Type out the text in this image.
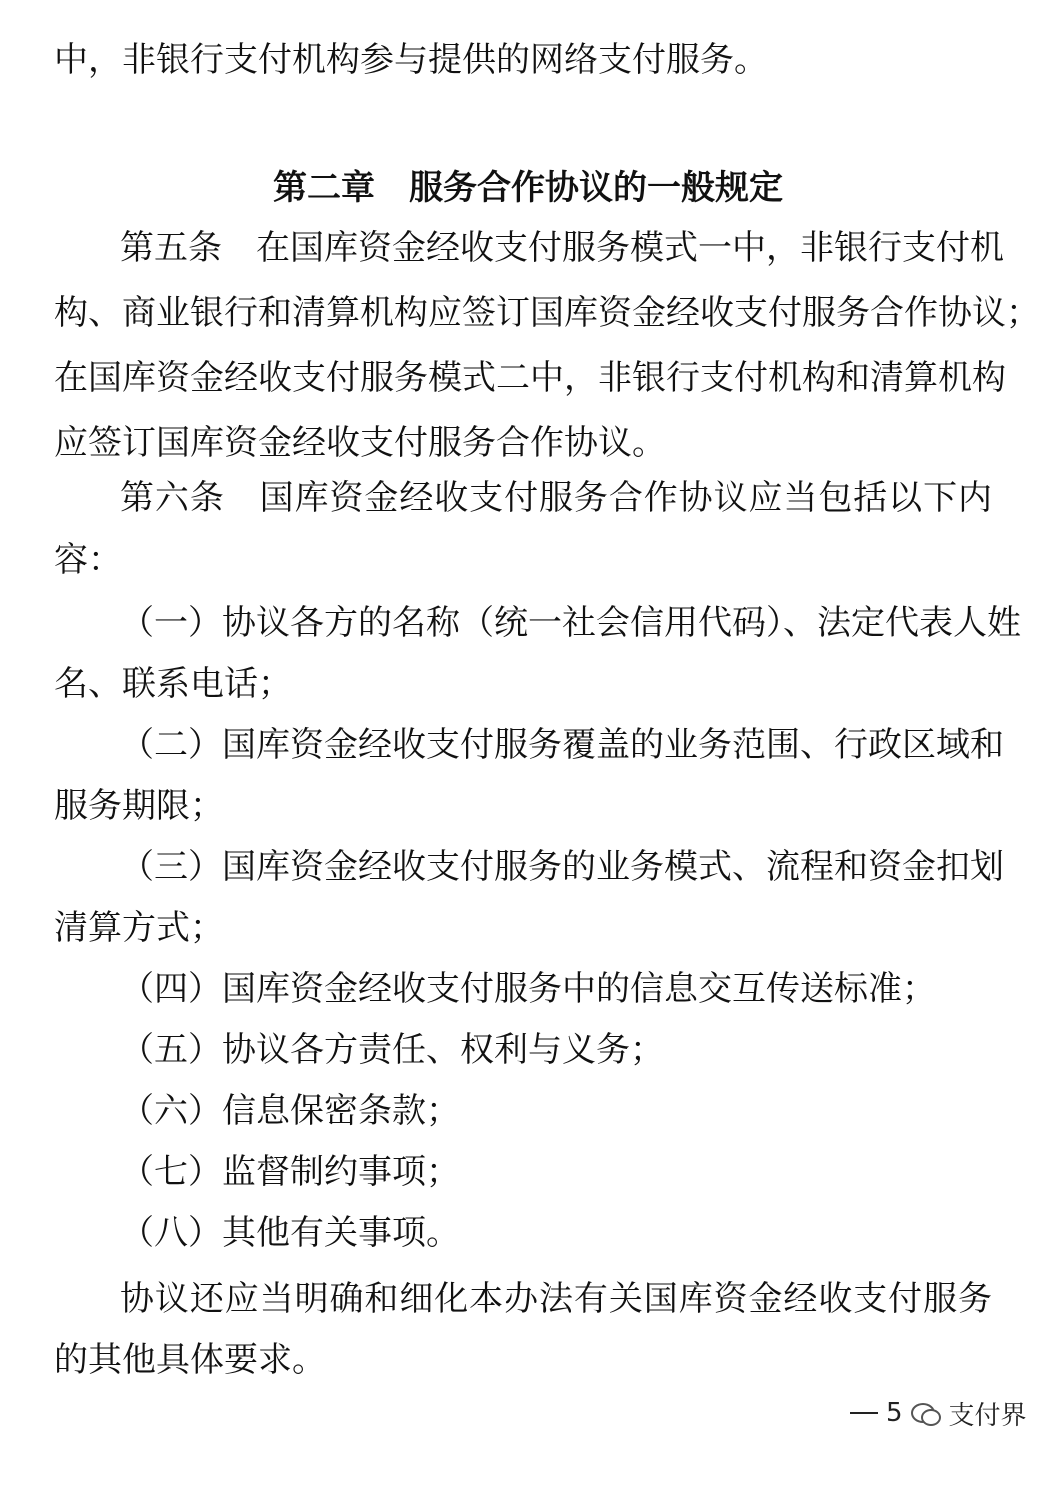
中，非银行支付机构参与提供的网络支付服务。
第二章　服务合作协议的一般规定
第五条　在国库资金经收支付服务模式一中，非银行支付机
构、商业银行和清算机构应签订国库资金经收支付服务合作协议；
在国库资金经收支付服务模式二中，非银行支付机构和清算机构
应签订国库资金经收支付服务合作协议。
第六条　国库资金经收支付服务合作协议应当包括以下内
容：
（一）协议各方的名称（统一社会信用代码）、法定代表人姓
名、联系电话；
（二）国库资金经收支付服务覆盖的业务范围、行政区域和
服务期限；
（三）国库资金经收支付服务的业务模式、流程和资金扣划
清算方式；
（四）国库资金经收支付服务中的信息交互传送标准；
（五）协议各方责任、权利与义务；
（六）信息保密条款；
（七）监督制约事项；
（八）其他有关事项。
协议还应当明确和细化本办法有关国库资金经收支付服务
的其他具体要求。
5 支付界
